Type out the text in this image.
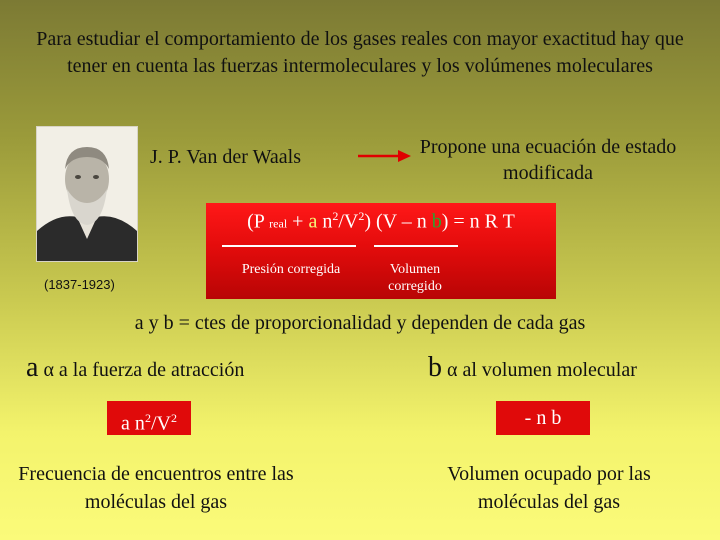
Para estudiar el comportamiento de los gases reales con mayor exactitud hay que tener en cuenta las fuerzas intermoleculares y los volúmenes moleculares
J. P. Van der Waals	Propone una ecuación de estado modificada
(1837-1923)
(P real + a $n^2/V^2$) (V – n b) = n R T
Presión corregida	Volumen corregido
a y b = ctes de proporcionalidad y dependen de cada gas
a α a la fuerza de atracción	b α al volumen molecular
a $n^2/V^2$	- n b
Frecuencia de encuentros entre las moléculas del gas
Volumen ocupado por las moléculas del gas
